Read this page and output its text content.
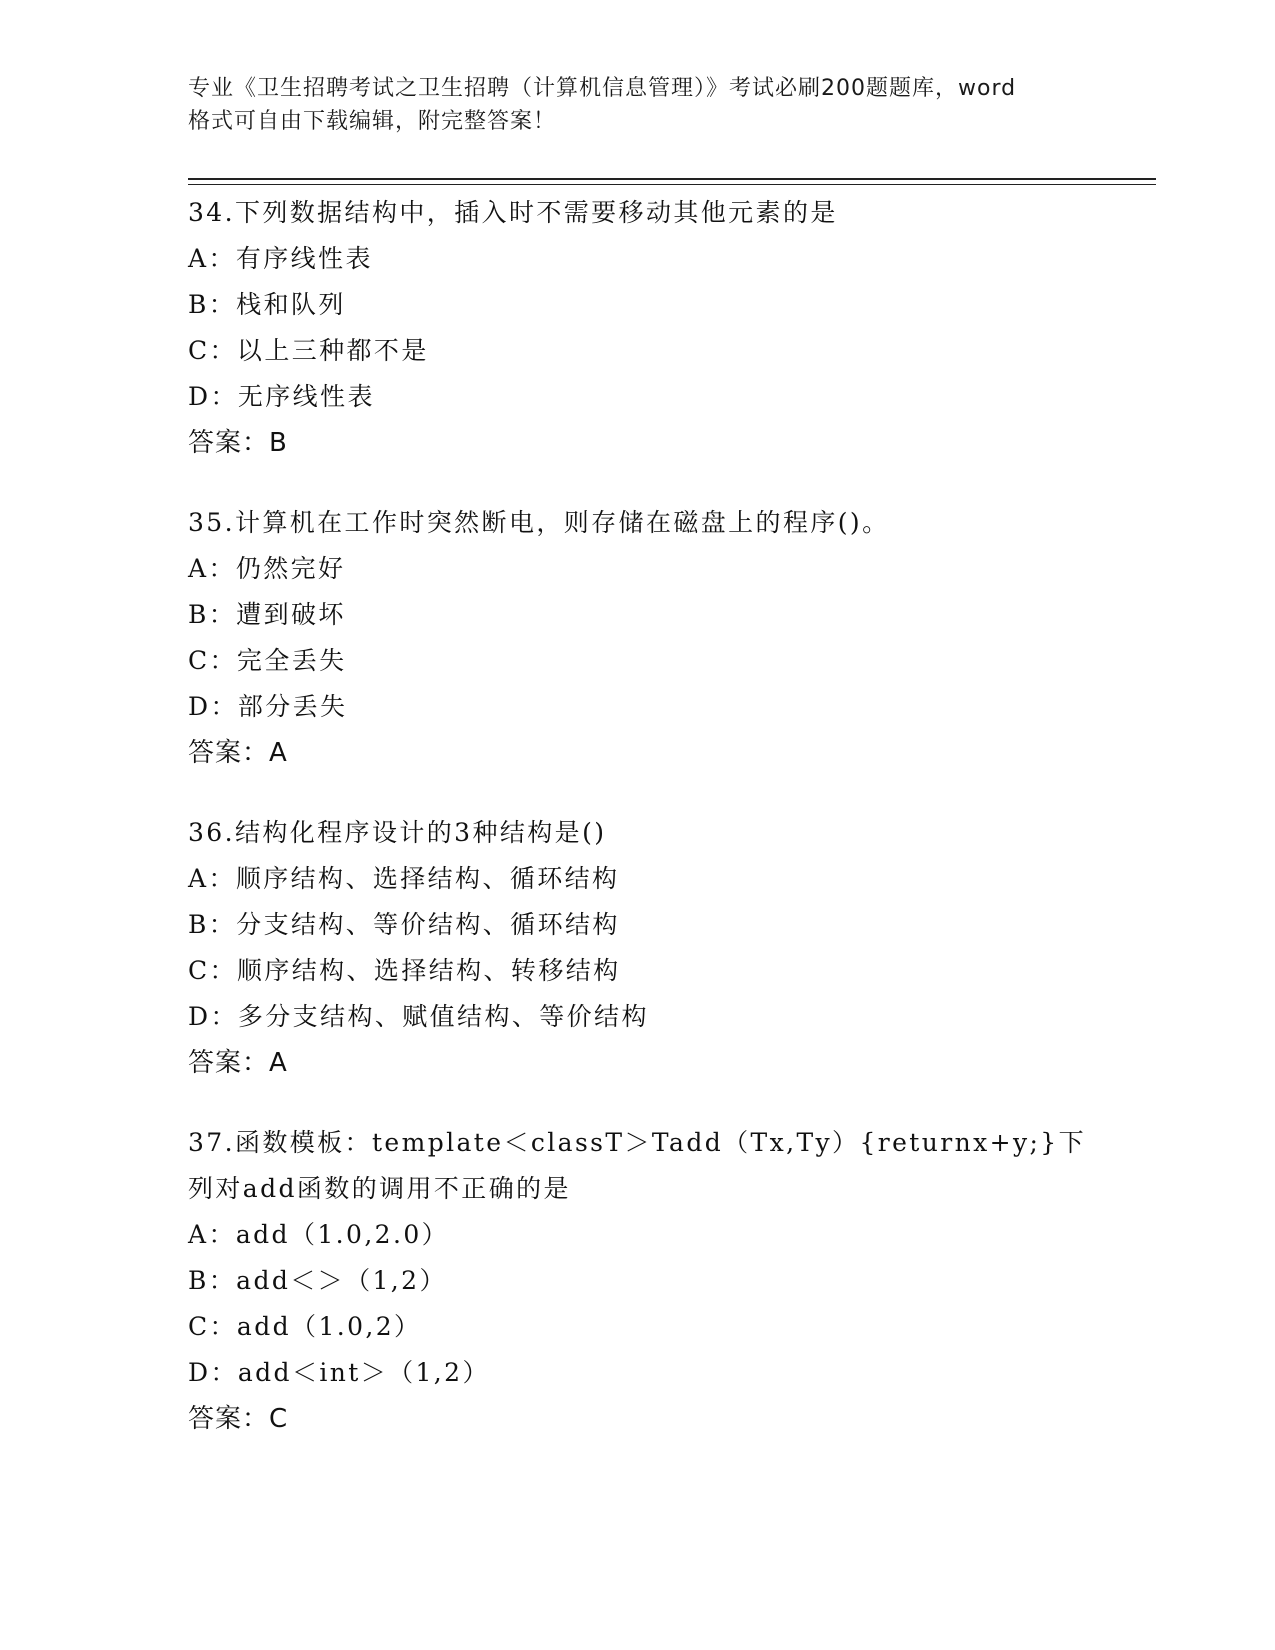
专业《卫生招聘考试之卫生招聘（计算机信息管理）》考试必刷200题题库，word
格式可自由下载编辑，附完整答案！
34.下列数据结构中，插入时不需要移动其他元素的是
A：有序线性表
B：栈和队列
C：以上三种都不是
D：无序线性表
答案：B
35.计算机在工作时突然断电，则存储在磁盘上的程序()。
A：仍然完好
B：遭到破坏
C：完全丢失
D：部分丢失
答案：A
36.结构化程序设计的3种结构是()
A：顺序结构、选择结构、循环结构
B：分支结构、等价结构、循环结构
C：顺序结构、选择结构、转移结构
D：多分支结构、赋值结构、等价结构
答案：A
37.函数模板：template＜classT＞Tadd（Tx,Ty）{returnx+y;}下列对add函数的调用不正确的是
A：add（1.0,2.0）
B：add＜＞（1,2）
C：add（1.0,2）
D：add＜int＞（1,2）
答案：C
